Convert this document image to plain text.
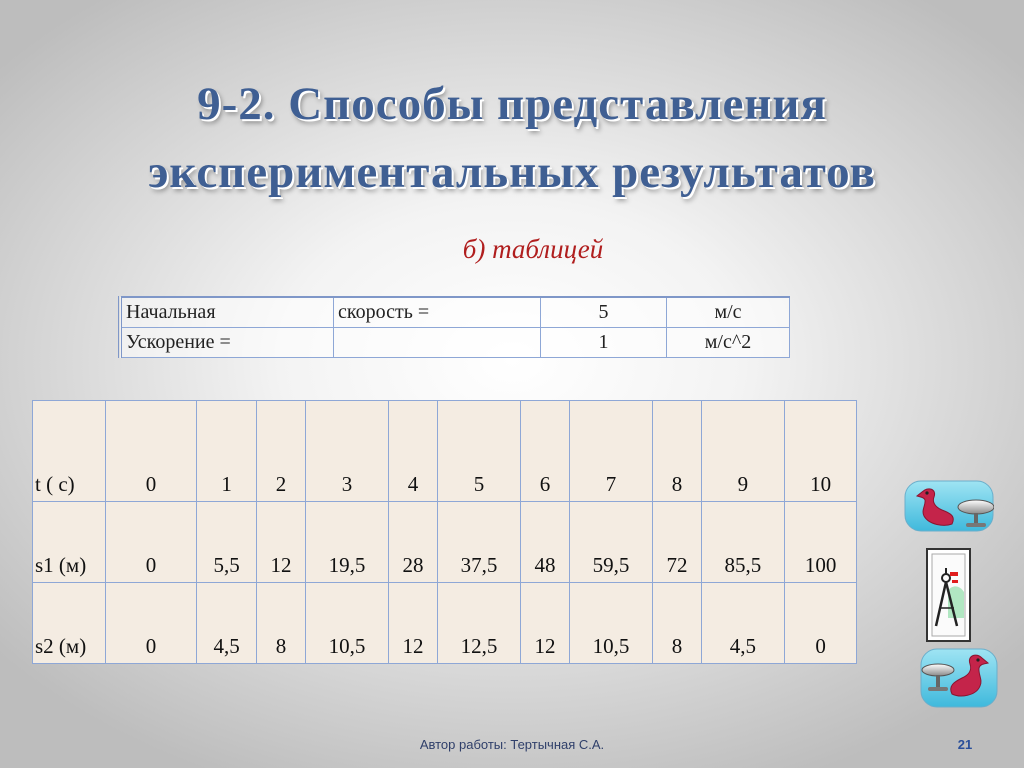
9-2. Способы представления
экспериментальных результатов
б) таблицей
Начальная	скорость =	5	м/с
Ускорение =		1	м/с^2
t ( с)	0	1	2	3	4	5	6	7	8	9	10
s1 (м)	0	5,5	12	19,5	28	37,5	48	59,5	72	85,5	100
s2 (м)	0	4,5	8	10,5	12	12,5	12	10,5	8	4,5	0
Автор работы: Тертычная С.А.	21
